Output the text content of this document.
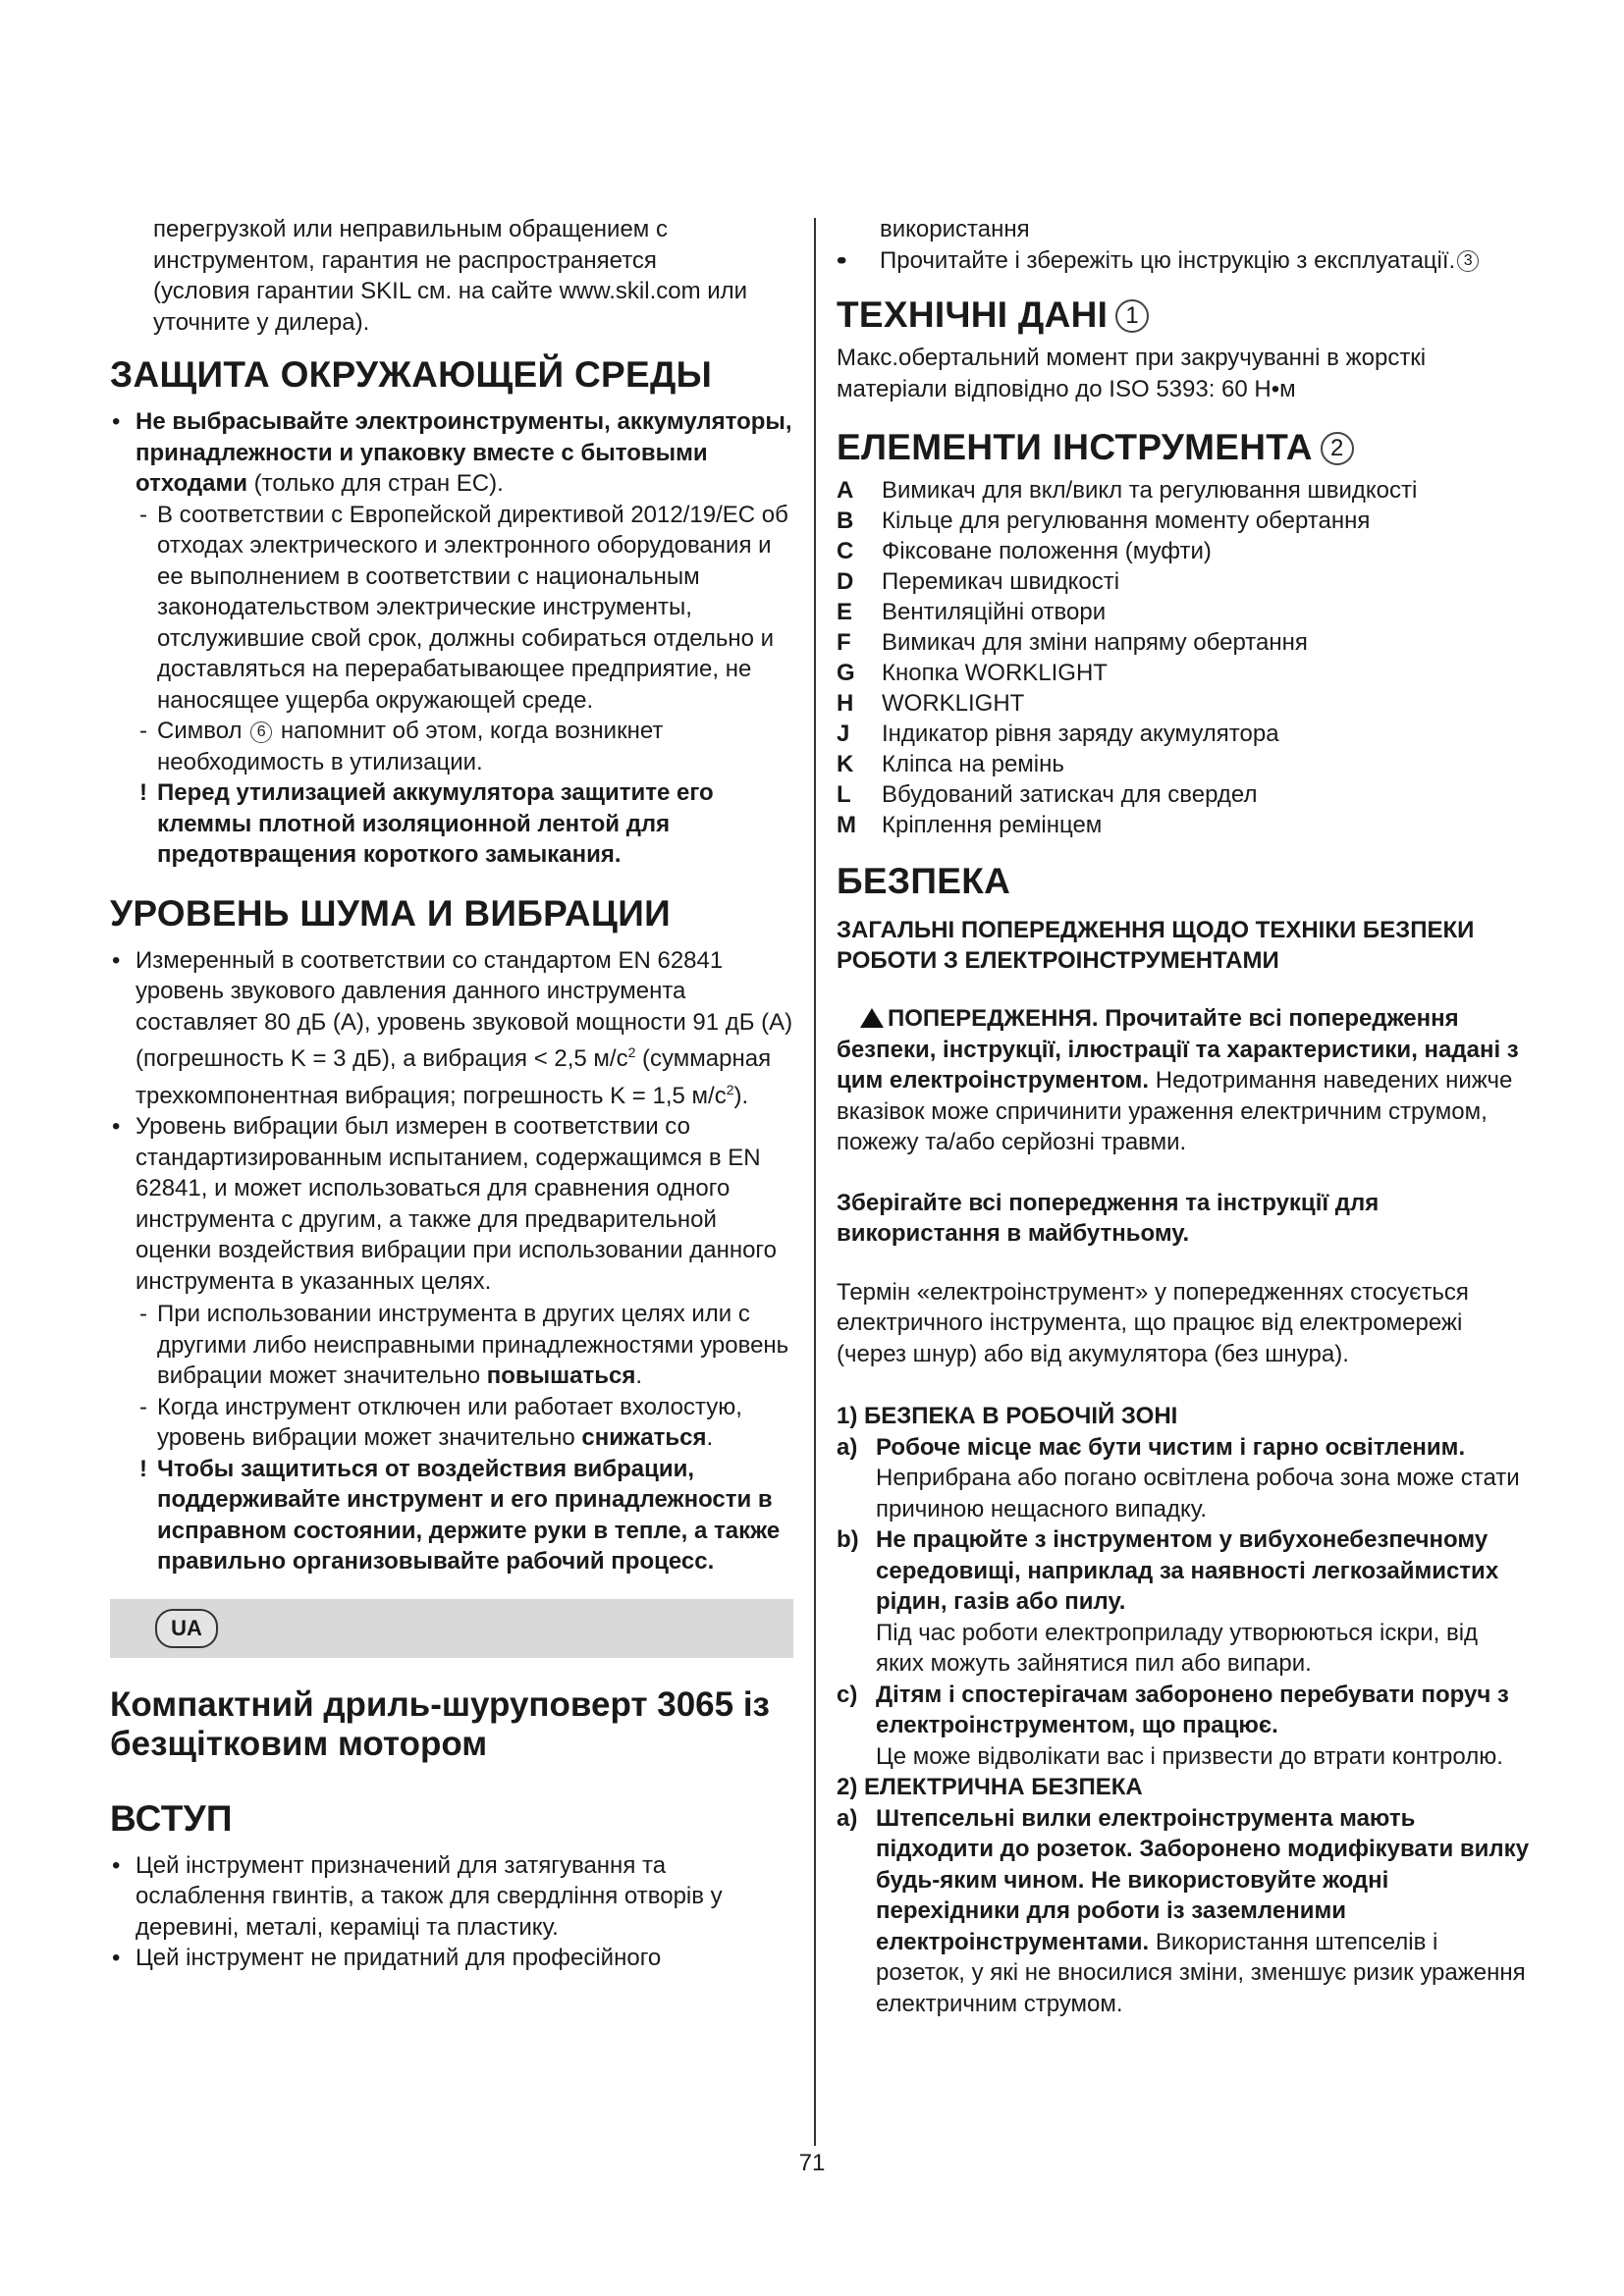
перегрузкой или неправильным обращением с

инструментом, гарантия не распространяется

(условия гарантии SKIL см. на сайте www.skil.com или

уточните у дилера).

ЗАЩИТА ОКРУЖАЮЩЕЙ СРЕДЫ

• Не выбрасывайте электроинструменты, аккумуляторы, принадлежности и упаковку вместе с бытовыми отходами (только для стран ЕС).

- В соответствии с Европейской директивой 2012/19/ЕС об отходах электрического и электронного оборудования и ее выполнением в соответствии с национальным законодательством электрические инструменты, отслужившие свой срок, должны собираться отдельно и доставляться на перерабатывающее предприятие, не наносящее ущерба окружающей среде.

- Символ 6 напомнит об этом, когда возникнет необходимость в утилизации.

! Перед утилизацией аккумулятора защитите его клеммы плотной изоляционной лентой для предотвращения короткого замыкания.

УРОВЕНЬ ШУМА И ВИБРАЦИИ

• Измеренный в соответствии со стандартом EN 62841 уровень звукового давления данного инструмента составляет 80 дБ (A), уровень звуковой мощности 91 дБ (A) (погрешность K = 3 дБ), а вибрация < 2,5 $м/с^2$ (суммарная трехкомпонентная вибрация; погрешность K = 1,5 $м/с^2$).

• Уровень вибрации был измерен в соответствии со стандартизированным испытанием, содержащимся в EN 62841, и может использоваться для сравнения одного инструмента с другим, а также для предварительной оценки воздействия вибрации при использовании данного инструмента в указанных целях.

- При использовании инструмента в других целях или с другими либо неисправными принадлежностями уровень вибрации может значительно повышаться.

- Когда инструмент отключен или работает вхолостую, уровень вибрации может значительно снижаться.

! Чтобы защититься от воздействия вибрации, поддерживайте инструмент и его принадлежности в исправном состоянии, держите руки в тепле, а также правильно организовывайте рабочий процесс.

UA
Компактний дриль-шуруповерт 3065 із безщітковим мотором
ВСТУП

• Цей інструмент призначений для затягування та ослаблення гвинтів, а також для свердління отворів у деревині, металі, кераміці та пластику.

• Цей інструмент не придатний для професійного

використання

• • Прочитайте і збережіть цю інструкцію з експлуатації. 3

ТЕХНІЧНІ ДАНІ 1

Макс.обертальний момент при закручуванні в жорсткі матеріали відповідно до ISO 5393: 60 Н•м

ЕЛЕМЕНТИ ІНСТРУМЕНТА 2
A	Вимикач для вкл/викл та регулювання швидкості
B	Кільце для регулювання моменту обертання
C	Фіксоване положення (муфти)
D	Перемикач швидкості
E	Вентиляційні отвори
F	Вимикач для зміни напряму обертання
G	Кнопка WORKLIGHT
H	WORKLIGHT
J	Індикатор рівня заряду акумулятора
K	Кліпса на ремінь
L	Вбудований затискач для свердел
M	Кріплення ремінцем
БЕЗПЕКА

ЗАГАЛЬНІ ПОПЕРЕДЖЕННЯ ЩОДО ТЕХНІКИ БЕЗПЕКИ РОБОТИ З ЕЛЕКТРОІНСТРУМЕНТАМИ

ПОПЕРЕДЖЕННЯ. Прочитайте всі попередження безпеки, інструкції, ілюстрації та характеристики, надані з цим електроінструментом. Недотримання наведених нижче вказівок може спричинити ураження електричним струмом, пожежу та/або серйозні травми.

Зберігайте всі попередження та інструкції для використання в майбутньому.

Термін «електроінструмент» у попередженнях стосується електричного інструмента, що працює від електромережі (через шнур) або від акумулятора (без шнура).

1) БЕЗПЕКА В РОБОЧІЙ ЗОНІ

a) Робоче місце має бути чистим і гарно освітленим.
Неприбрана або погано освітлена робоча зона може стати причиною нещасного випадку.

b) Не працюйте з інструментом у вибухонебезпечному середовищі, наприклад за наявності легкозаймистих рідин, газів або пилу.
Під час роботи електроприладу утворюються іскри, від яких можуть зайнятися пил або випари.

c) Дітям і спостерігачам заборонено перебувати поруч з електроінструментом, що працює.
Це може відволікати вас і призвести до втрати контролю.

2) ЕЛЕКТРИЧНА БЕЗПЕКА

a) Штепсельні вилки електроінструмента мають підходити до розеток. Заборонено модифікувати вилку будь-яким чином. Не використовуйте жодні перехідники для роботи із заземленими електроінструментами. Використання штепселів і розеток, у які не вносилися зміни, зменшує ризик ураження електричним струмом.

71
